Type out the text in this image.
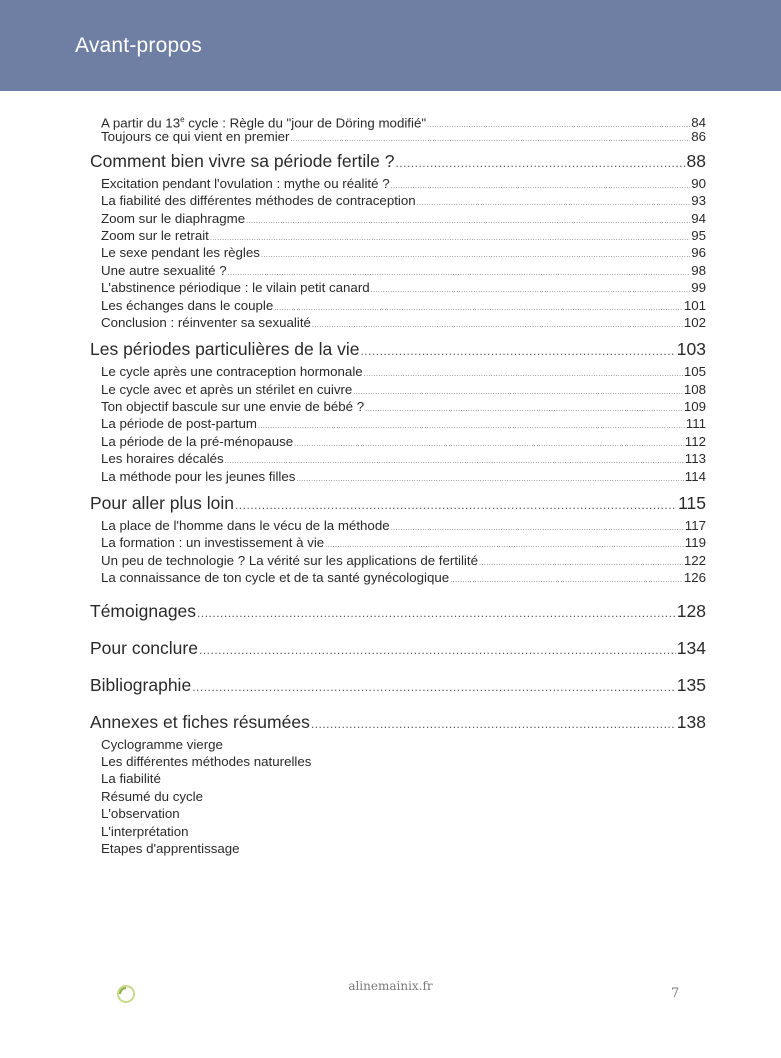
Avant-propos
A partir du 13e cycle : Règle du "jour de Döring modifié" .....	84
Toujours ce qui vient en premier .....	86
Comment bien vivre sa période fertile ? .....	88
Excitation pendant l'ovulation : mythe ou réalité ? .....	90
La fiabilité des différentes méthodes de contraception .....	93
Zoom sur le diaphragme .....	94
Zoom sur le retrait .....	95
Le sexe pendant les règles .....	96
Une autre sexualité ? .....	98
L'abstinence périodique : le vilain petit canard .....	99
Les échanges dans le couple .....	101
Conclusion : réinventer sa sexualité .....	102
Les périodes particulières de la vie .....	103
Le cycle après une contraception hormonale .....	105
Le cycle avec et après un stérilet en cuivre .....	108
Ton objectif bascule sur une envie de bébé ? .....	109
La période de post-partum .....	111
La période de la pré-ménopause .....	112
Les horaires décalés .....	113
La méthode pour les jeunes filles .....	114
Pour aller plus loin .....	115
La place de l'homme dans le vécu de la méthode .....	117
La formation : un investissement à vie .....	119
Un peu de technologie ? La vérité sur les applications de fertilité .....	122
La connaissance de ton cycle et de ta santé gynécologique .....	126
Témoignages .....	128
Pour conclure .....	134
Bibliographie .....	135
Annexes et fiches résumées .....	138
Cyclogramme vierge
Les différentes méthodes naturelles
La fiabilité
Résumé du cycle
L'observation
L'interprétation
Etapes d'apprentissage
alinemainix.fr	7
